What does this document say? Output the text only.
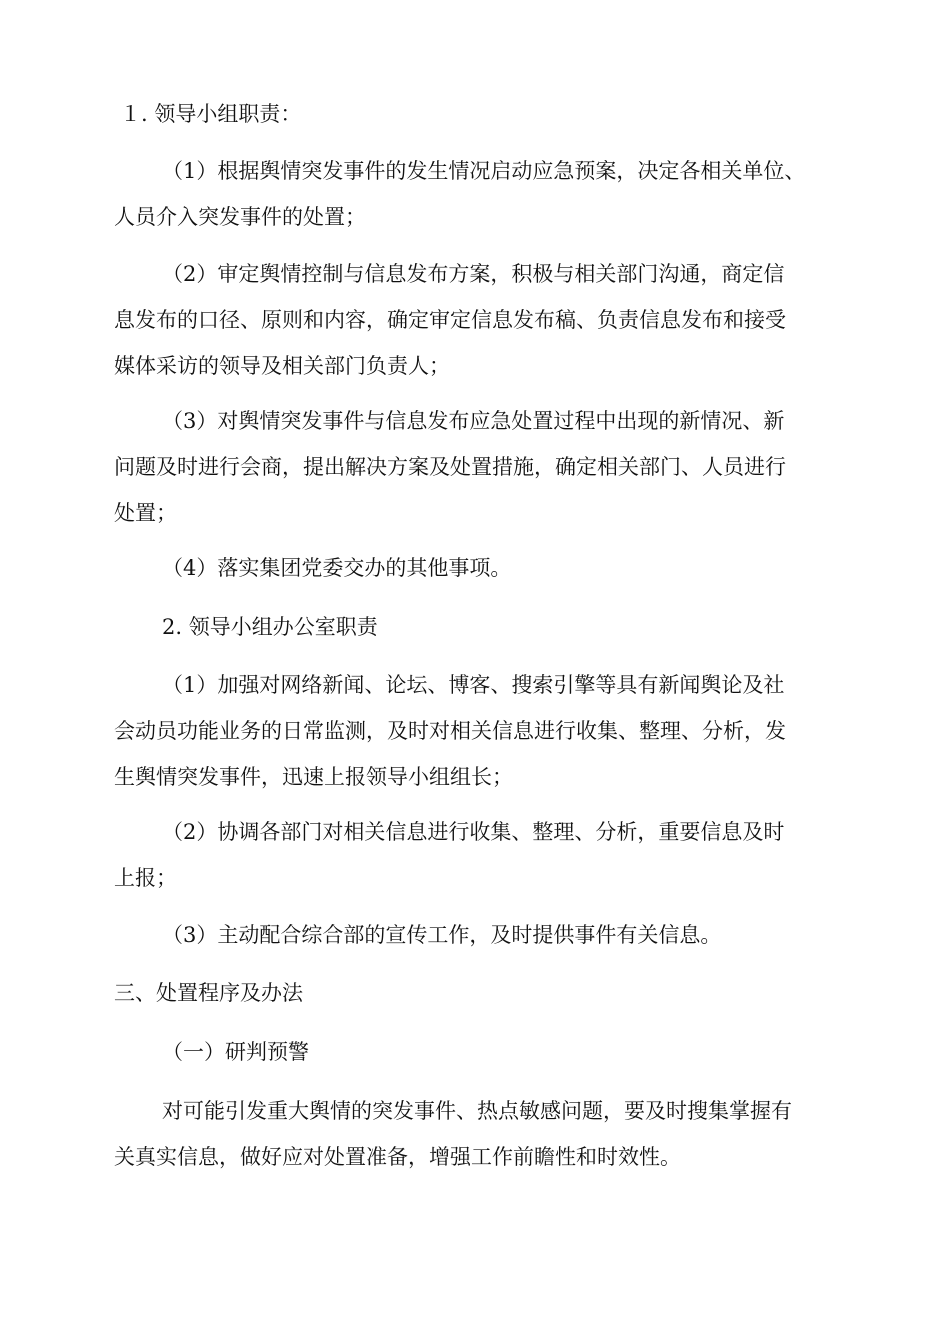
１. 领导小组职责：
（1）根据舆情突发事件的发生情况启动应急预案，决定各相关单位、
人员介入突发事件的处置；
（2）审定舆情控制与信息发布方案，积极与相关部门沟通，商定信
息发布的口径、原则和内容，确定审定信息发布稿、负责信息发布和接受
媒体采访的领导及相关部门负责人；
（3）对舆情突发事件与信息发布应急处置过程中出现的新情况、新
问题及时进行会商，提出解决方案及处置措施，确定相关部门、人员进行
处置；
（4）落实集团党委交办的其他事项。
2. 领导小组办公室职责
（1）加强对网络新闻、论坛、博客、搜索引擎等具有新闻舆论及社
会动员功能业务的日常监测，及时对相关信息进行收集、整理、分析，发
生舆情突发事件，迅速上报领导小组组长；
（2）协调各部门对相关信息进行收集、整理、分析，重要信息及时
上报；
（3）主动配合综合部的宣传工作，及时提供事件有关信息。
三、处置程序及办法
（一）研判预警
对可能引发重大舆情的突发事件、热点敏感问题，要及时搜集掌握有
关真实信息，做好应对处置准备，增强工作前瞻性和时效性。
